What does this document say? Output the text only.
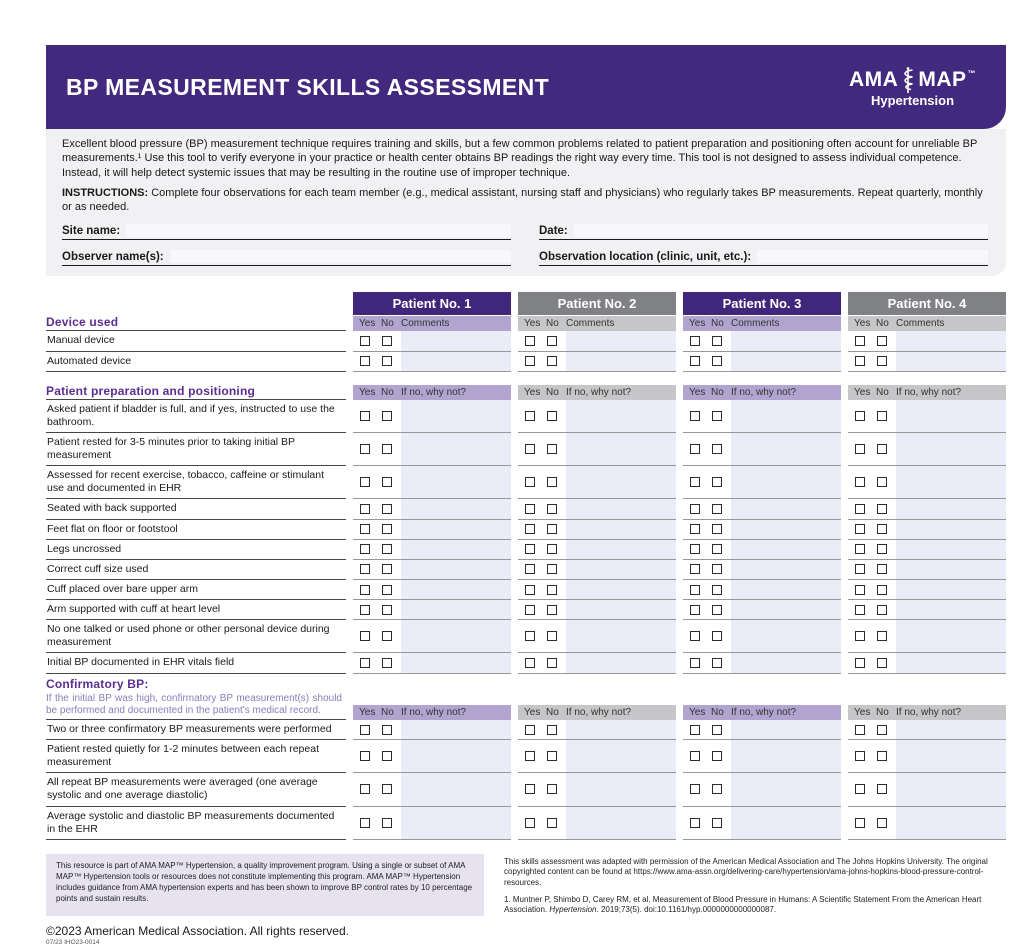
BP MEASUREMENT SKILLS ASSESSMENT	AMA MAP ™
Hypertension

Excellent blood pressure (BP) measurement technique requires training and skills, but a few common problems related to patient preparation and positioning often account for unreliable BP measurements.¹ Use this tool to verify everyone in your practice or health center obtains BP readings the right way every time. This tool is not designed to assess individual competence. Instead, it will help detect systemic issues that may be resulting in the routine use of improper technique.

INSTRUCTIONS: Complete four observations for each team member (e.g., medical assistant, nursing staff and physicians) who regularly takes BP measurements. Repeat quarterly, monthly or as needed.

Site name:	Date:
Observer name(s):	Observation location (clinic, unit, etc.):
Patient No. 1	Patient No. 2	Patient No. 3	Patient No. 4
Device used	Yes No Comments	Yes No Comments	Yes No Comments	Yes No Comments
Manual device
Automated device
Patient preparation and positioning	Yes No If no, why not?	Yes No If no, why not?	Yes No If no, why not?	Yes No If no, why not?
Asked patient if bladder is full, and if yes, instructed to use the bathroom.
Patient rested for 3-5 minutes prior to taking initial BP measurement
Assessed for recent exercise, tobacco, caffeine or stimulant use and documented in EHR
Seated with back supported
Feet flat on floor or footstool
Legs uncrossed
Correct cuff size used
Cuff placed over bare upper arm
Arm supported with cuff at heart level
No one talked or used phone or other personal device during measurement
Initial BP documented in EHR vitals field
Confirmatory BP:
If the initial BP was high, confirmatory BP measurement(s) should be performed and documented in the patient's medical record.	Yes No If no, why not?	Yes No If no, why not?	Yes No If no, why not?	Yes No If no, why not?
Two or three confirmatory BP measurements were performed
Patient rested quietly for 1-2 minutes between each repeat measurement
All repeat BP measurements were averaged (one average systolic and one average diastolic)
Average systolic and diastolic BP measurements documented in the EHR
This resource is part of AMA MAP™ Hypertension, a quality improvement program. Using a single or subset of AMA MAP™ Hypertension tools or resources does not constitute implementing this program. AMA MAP™ Hypertension includes guidance from AMA hypertension experts and has been shown to improve BP control rates by 10 percentage points and sustain results.

This skills assessment was adapted with permission of the American Medical Association and The Johns Hopkins University. The original copyrighted content can be found at https://www.ama-assn.org/delivering-care/hypertension/ama-johns-hopkins-blood-pressure-control-resources.

1. Muntner P, Shimbo D, Carey RM, et al. Measurement of Blood Pressure in Humans: A Scientific Statement From the American Heart Association. Hypertension. 2019;73(5). doi:10.1161/hyp.0000000000000087.

©2023 American Medical Association. All rights reserved.
07/23 IHO23-0014
